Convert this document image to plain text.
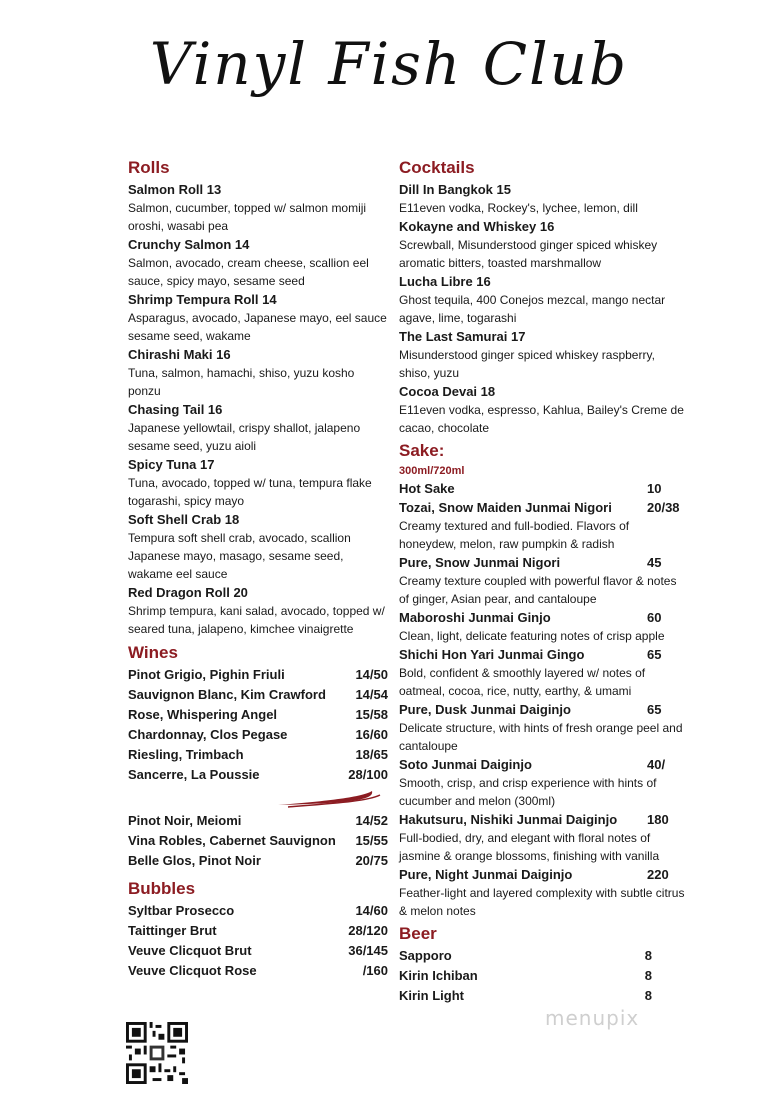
Vinyl Fish Club
Rolls
Salmon Roll 13
Salmon, cucumber, topped w/ salmon momiji oroshi, wasabi pea
Crunchy Salmon 14
Salmon, avocado, cream cheese, scallion eel sauce, spicy mayo, sesame seed
Shrimp Tempura Roll 14
Asparagus, avocado, Japanese mayo, eel sauce sesame seed, wakame
Chirashi Maki 16
Tuna, salmon, hamachi, shiso, yuzu kosho ponzu
Chasing Tail 16
Japanese yellowtail, crispy shallot, jalapeno sesame seed, yuzu aioli
Spicy Tuna 17
Tuna, avocado, topped w/ tuna, tempura flake togarashi, spicy mayo
Soft Shell Crab 18
Tempura soft shell crab, avocado, scallion Japanese mayo, masago, sesame seed, wakame eel sauce
Red Dragon Roll 20
Shrimp tempura, kani salad, avocado, topped w/ seared tuna, jalapeno, kimchee vinaigrette
Wines
Pinot Grigio, Pighin Friuli	14/50
Sauvignon Blanc, Kim Crawford 14/54
Rose, Whispering Angel	15/58
Chardonnay, Clos Pegase	16/60
Riesling, Trimbach	18/65
Sancerre, La Poussie	28/100
Pinot Noir, Meiomi	14/52
Vina Robles, Cabernet Sauvignon 15/55
Belle Glos, Pinot Noir	20/75
Bubbles
Syltbar Prosecco	14/60
Taittinger Brut	28/120
Veuve Clicquot Brut	36/145
Veuve Clicquot Rose	/160
Cocktails
Dill In Bangkok 15
E11even vodka, Rockey's, lychee, lemon, dill
Kokayne and Whiskey 16
Screwball, Misunderstood ginger spiced whiskey aromatic bitters, toasted marshmallow
Lucha Libre 16
Ghost tequila, 400 Conejos mezcal, mango nectar agave, lime, togarashi
The Last Samurai 17
Misunderstood ginger spiced whiskey raspberry, shiso, yuzu
Cocoa Devai 18
E11even vodka, espresso, Kahlua, Bailey's Creme de cacao, chocolate
Sake:
300ml/720ml
Hot Sake	10
Tozai, Snow Maiden Junmai Nigori	20/38
Creamy textured and full-bodied. Flavors of honeydew, melon, raw pumpkin & radish
Pure, Snow Junmai Nigori	45
Creamy texture coupled with powerful flavor & notes of ginger, Asian pear, and cantaloupe
Maboroshi Junmai Ginjo	60
Clean, light, delicate featuring notes of crisp apple
Shichi Hon Yari Junmai Gingo	65
Bold, confident & smoothly layered w/ notes of oatmeal, cocoa, rice, nutty, earthy, & umami
Pure, Dusk Junmai Daiginjo	65
Delicate structure, with hints of fresh orange peel and cantaloupe
Soto Junmai Daiginjo	40/
Smooth, crisp, and crisp experience with hints of cucumber and melon (300ml)
Hakutsuru, Nishiki Junmai Daiginjo 180
Full-bodied, dry, and elegant with floral notes of jasmine & orange blossoms, finishing with vanilla
Pure, Night Junmai Daiginjo	220
Feather-light and layered complexity with subtle citrus & melon notes
Beer
Sapporo	8
Kirin Ichiban	8
Kirin Light	8
menupix
